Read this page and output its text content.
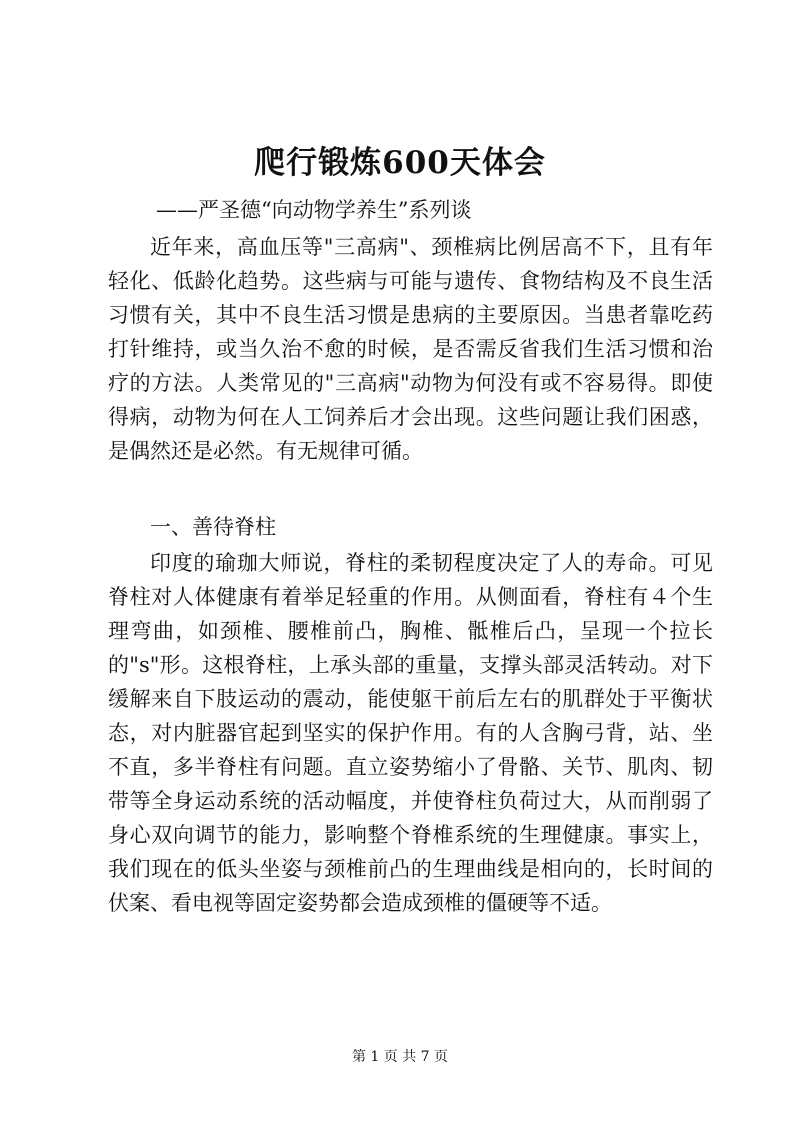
爬行锻炼600天体会
——严圣德“向动物学养生”系列谈

近年来，高血压等"三高病"、颈椎病比例居高不下，且有年轻化、低龄化趋势。这些病与可能与遗传、食物结构及不良生活习惯有关，其中不良生活习惯是患病的主要原因。当患者靠吃药打针维持，或当久治不愈的时候，是否需反省我们生活习惯和治疗的方法。人类常见的"三高病"动物为何没有或不容易得。即使得病，动物为何在人工饲养后才会出现。这些问题让我们困惑，是偶然还是必然。有无规律可循。

一、善待脊柱

印度的瑜珈大师说，脊柱的柔韧程度决定了人的寿命。可见脊柱对人体健康有着举足轻重的作用。从侧面看，脊柱有４个生理弯曲，如颈椎、腰椎前凸，胸椎、骶椎后凸，呈现一个拉长的"s"形。这根脊柱，上承头部的重量，支撑头部灵活转动。对下缓解来自下肢运动的震动，能使躯干前后左右的肌群处于平衡状态，对内脏器官起到坚实的保护作用。有的人含胸弓背，站、坐不直，多半脊柱有问题。直立姿势缩小了骨骼、关节、肌肉、韧带等全身运动系统的活动幅度，并使脊柱负荷过大，从而削弱了身心双向调节的能力，影响整个脊椎系统的生理健康。事实上，我们现在的低头坐姿与颈椎前凸的生理曲线是相向的，长时间的伏案、看电视等固定姿势都会造成颈椎的僵硬等不适。

第 1 页 共 7 页
